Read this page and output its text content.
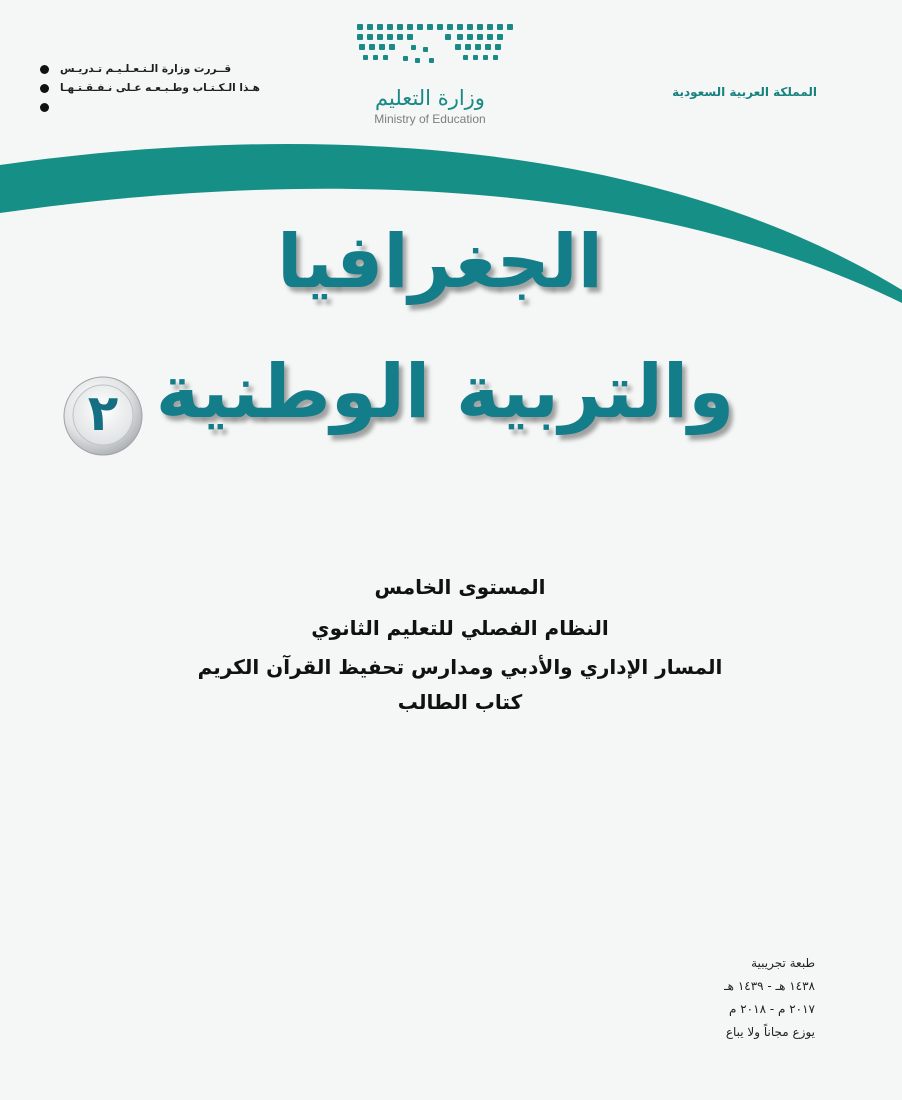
قــررت وزارة الـتـعـلـيـم تـدريـس
هـذا الـكـتـاب وطـبـعـه عـلى نـفـقـتـهـا	وزارة التعليم
Ministry of Education
المملكة العربية السعودية
الجغرافيا
والتربية الوطنية
٢
المستوى الخامس
النظام الفصلي للتعليم الثانوي
المسار الإداري والأدبي ومدارس تحفيظ القرآن الكريم
كتاب الطالب
طبعة تجريبية
١٤٣٨ هـ - ١٤٣٩ هـ
٢٠١٧ م - ٢٠١٨ م
يوزع مجاناً ولا يباع
